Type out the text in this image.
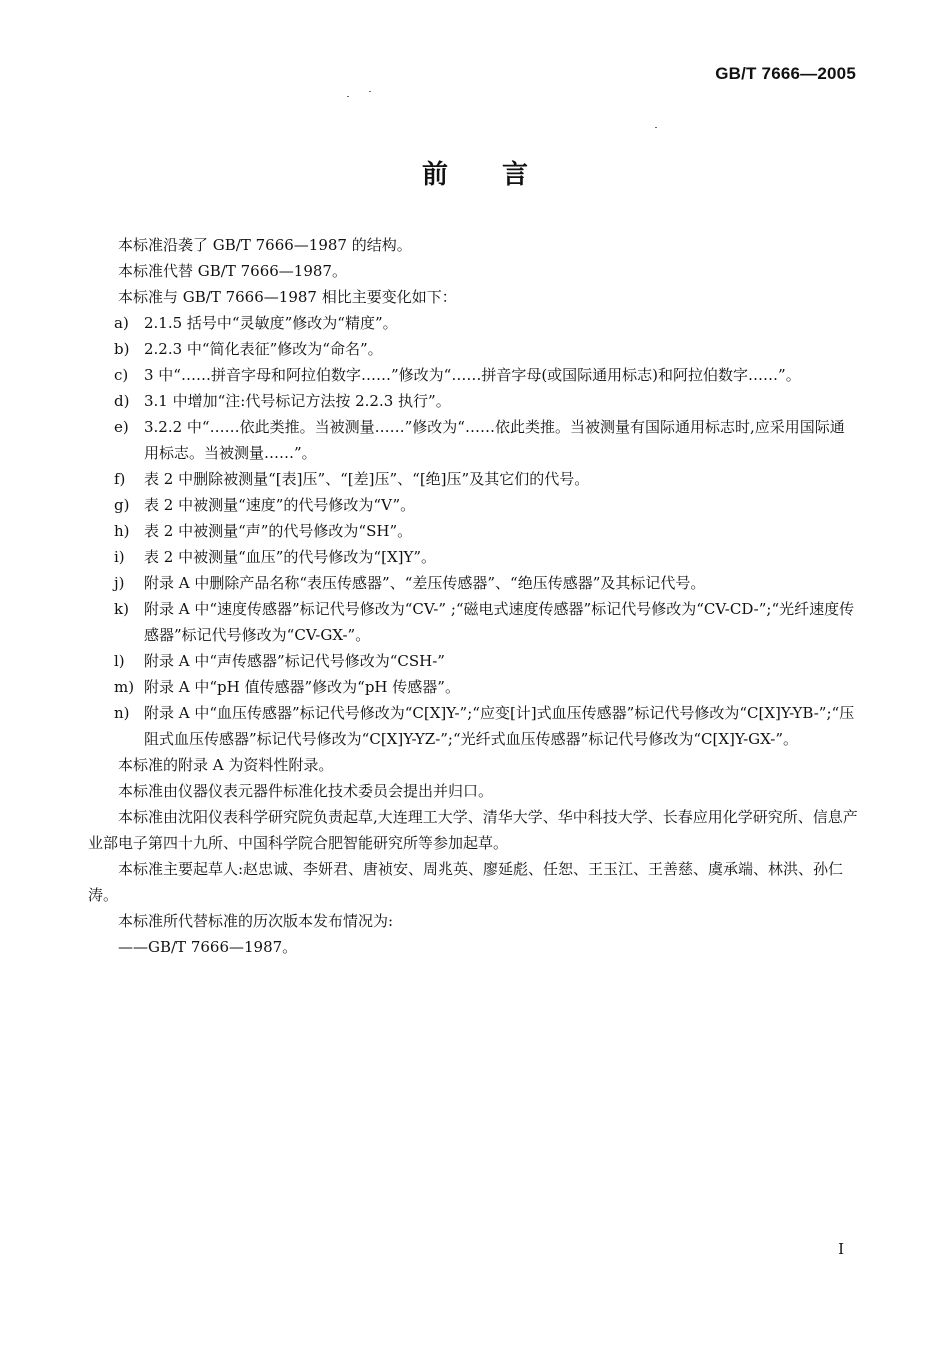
GB/T 7666—2005
前言

本标准沿袭了 GB/T 7666—1987 的结构。

本标准代替 GB/T 7666—1987。

本标准与 GB/T 7666—1987 相比主要变化如下：

a) 2.1.5 括号中“灵敏度”修改为“精度”。

b) 2.2.3 中“简化表征”修改为“命名”。

c) 3 中“……拼音字母和阿拉伯数字……”修改为“……拼音字母(或国际通用标志)和阿拉伯数字……”。

d) 3.1 中增加“注:代号标记方法按 2.2.3 执行”。

e) 3.2.2 中“……依此类推。当被测量……”修改为“……依此类推。当被测量有国际通用标志时,应采用国际通用标志。当被测量……”。

f) 表 2 中删除被测量“[表]压”、“[差]压”、“[绝]压”及其它们的代号。

g) 表 2 中被测量“速度”的代号修改为“V”。

h) 表 2 中被测量“声”的代号修改为“SH”。

i) 表 2 中被测量“血压”的代号修改为“[X]Y”。

j) 附录 A 中删除产品名称“表压传感器”、“差压传感器”、“绝压传感器”及其标记代号。

k) 附录 A 中“速度传感器”标记代号修改为“CV-” ;“磁电式速度传感器”标记代号修改为“CV-CD-”;“光纤速度传感器”标记代号修改为“CV-GX-”。

l) 附录 A 中“声传感器”标记代号修改为“CSH-”

m) 附录 A 中“pH 值传感器”修改为“pH 传感器”。

n) 附录 A 中“血压传感器”标记代号修改为“C[X]Y-”;“应变[计]式血压传感器”标记代号修改为“C[X]Y-YB-”;“压阻式血压传感器”标记代号修改为“C[X]Y-YZ-”;“光纤式血压传感器”标记代号修改为“C[X]Y-GX-”。

本标准的附录 A 为资料性附录。

本标准由仪器仪表元器件标准化技术委员会提出并归口。

本标准由沈阳仪表科学研究院负责起草,大连理工大学、清华大学、华中科技大学、长春应用化学研究所、信息产业部电子第四十九所、中国科学院合肥智能研究所等参加起草。

本标准主要起草人:赵忠诚、李妍君、唐祯安、周兆英、廖延彪、任恕、王玉江、王善慈、虞承端、林洪、孙仁涛。

本标准所代替标准的历次版本发布情况为:

——GB/T 7666—1987。

I
